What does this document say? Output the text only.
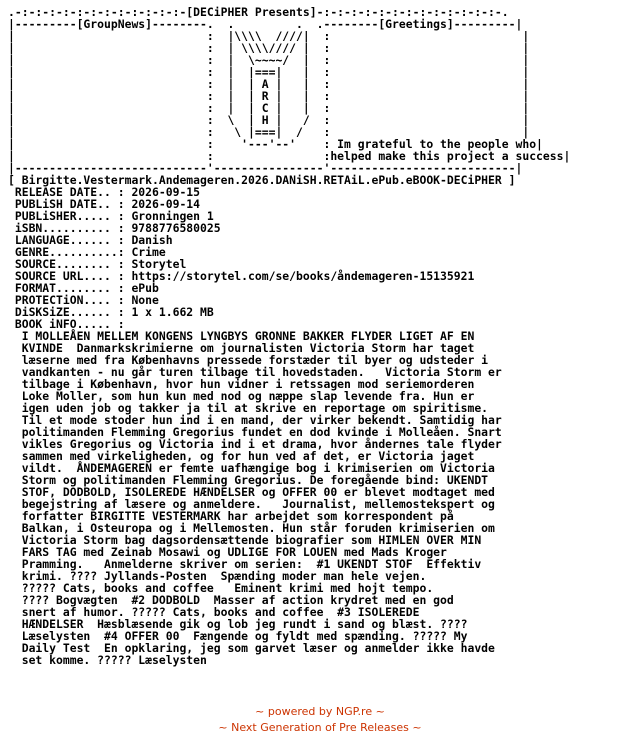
.-:-:-:-:-:-:-:-:-:-:-:-:-[DECiPHER Presents]-:-:-:-:-:-:-:-:-:-:-:-:-:-.
|---------[GroupNews]--------.  .         .  .--------[Greetings]---------|
|                            :  |\\\\  ////|  :                            |
|                            :  | \\\\//// |  :                            |
|                            :  |  \~~~~/  |  :                            |
|                            :  |  |===|   |  :                            |
|                            :  |  | A |   |  :                            |
|                            :  |  | R |   |  :                            |
|                            :  |  | C |   |  :                            |
|                            :  \  | H |   /  :                            |
|                            :   \ |===|  /   :                            |
|                            :    '---'--'    : Im grateful to the people who|
|                            :                :helped make this project a success|
|----------------------------'----------------'---------------------------|
[ Birgitte.Vestermark.Andemageren.2026.DANiSH.RETAiL.ePub.eBOOK-DECiPHER ]
RELEASE DATE.. : 2026-09-15
PUBLiSH DATE.. : 2026-09-14
PUBLiSHER..... : Gronningen 1
iSBN.......... : 9788776580025
LANGUAGE...... : Danish
GENRE..........: Crime
SOURCE........ : Storytel
SOURCE URL.... : https://storytel.com/se/books/åndemageren-15135921
FORMAT........ : ePub
PROTECTiON.... : None
DiSKSiZE...... : 1 x 1.662 MB
BOOK iNFO..... :
I MOLLEÅEN MELLEM KONGENS LYNGBYS GRONNE BAKKER FLYDER LIGET AF EN
KVINDE  Danmarkskrimierne om journalisten Victoria Storm har taget
læserne med fra Københavns pressede forstæder til byer og udsteder i
vandkanten - nu går turen tilbage til hovedstaden.   Victoria Storm er
tilbage i København, hvor hun vidner i retssagen mod seriemorderen
Loke Moller, som hun kun med nod og næppe slap levende fra. Hun er
igen uden job og takker ja til at skrive en reportage om spiritisme.
Til et mode stoder hun ind i en mand, der virker bekendt. Samtidig har
politimanden Flemming Gregorius fundet en dod kvinde i Molleåen. Snart
vikles Gregorius og Victoria ind i et drama, hvor åndernes tale flyder
sammen med virkeligheden, og for hun ved af det, er Victoria jaget
vildt.  ÅNDEMAGEREN er femte uafhængige bog i krimiserien om Victoria
Storm og politimanden Flemming Gregorius. De foregående bind: UKENDT
STOF, DODBOLD, ISOLEREDE HÆNDELSER og OFFER 00 er blevet modtaget med
begejstring af læsere og anmeldere.   Journalist, mellemostekspert og
forfatter BIRGITTE VESTERMARK har arbejdet som korrespondent på
Balkan, i Osteuropa og i Mellemosten. Hun står foruden krimiserien om
Victoria Storm bag dagsordensættende biografier som HIMLEN OVER MIN
FARS TAG med Zeinab Mosawi og UDLIGE FOR LOUEN med Mads Kroger
Pramming.   Anmelderne skriver om serien:  #1 UKENDT STOF  Effektiv
krimi. ???? Jyllands-Posten  Spænding moder man hele vejen.
????? Cats, books and coffee   Eminent krimi med hojt tempo.
???? Bogvægten  #2 DODBOLD  Masser af action krydret med en god
snert af humor. ????? Cats, books and coffee  #3 ISOLEREDE
HÆNDELSER  Hæsblæsende gik og lob jeg rundt i sand og blæst. ????
Læselysten  #4 OFFER 00  Fængende og fyldt med spænding. ????? My
Daily Test  En opklaring, jeg som garvet læser og anmelder ikke havde
set komme. ????? Læselysten
~ powered by NGP.re ~
~ Next Generation of Pre Releases ~
